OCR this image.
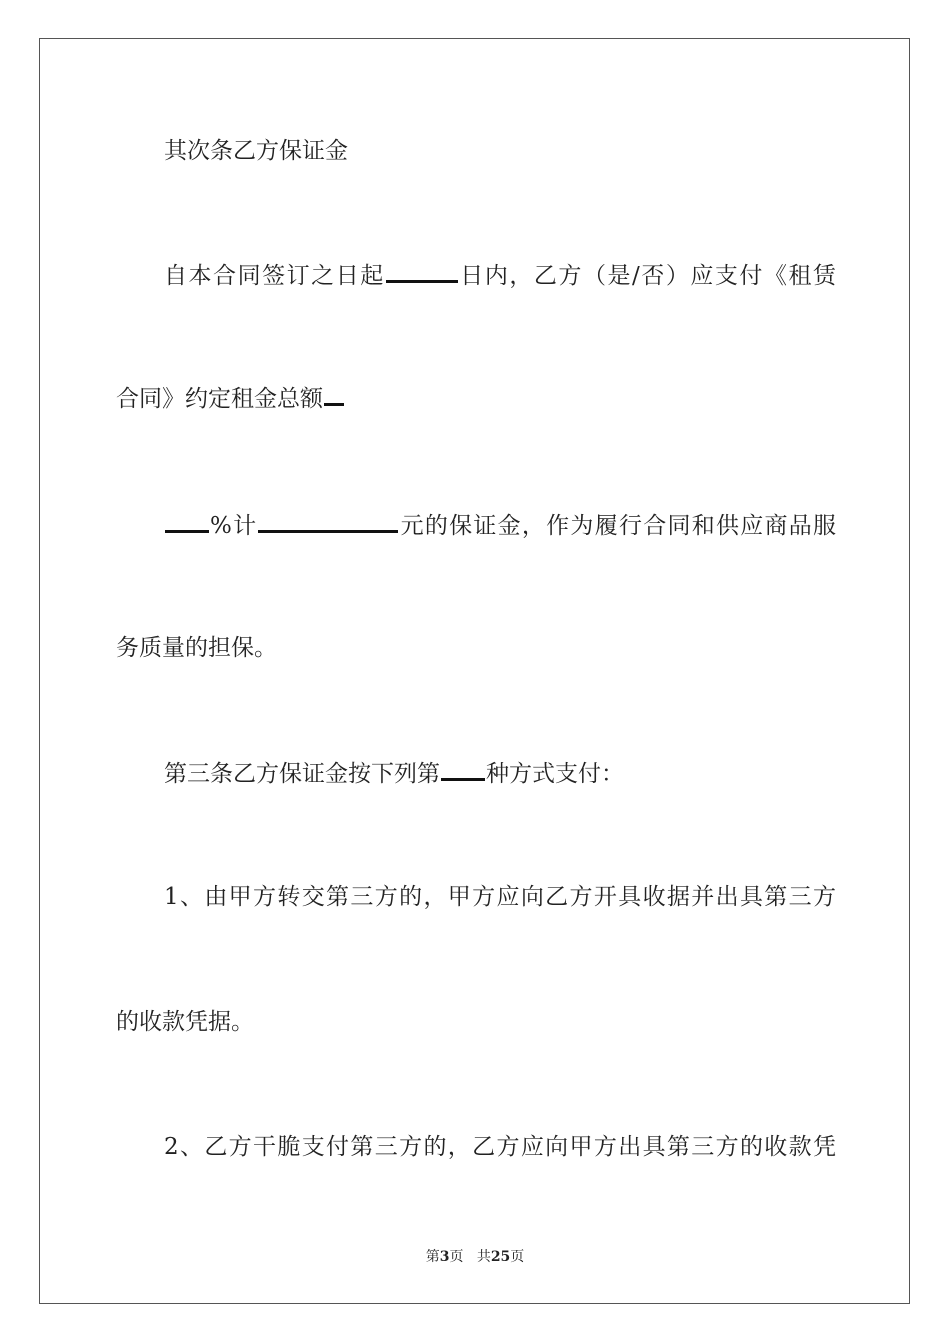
其次条乙方保证金
自本合同签订之日起	日内，乙方（是/否）应支付《租赁
合同》约定租金总额
%计	元的保证金，作为履行合同和供应商品服
务质量的担保。
第三条乙方保证金按下列第 种方式支付：
1、由甲方转交第三方的，甲方应向乙方开具收据并出具第三方
的收款凭据。
2、乙方干脆支付第三方的，乙方应向甲方出具第三方的收款凭
第3页 共25页
